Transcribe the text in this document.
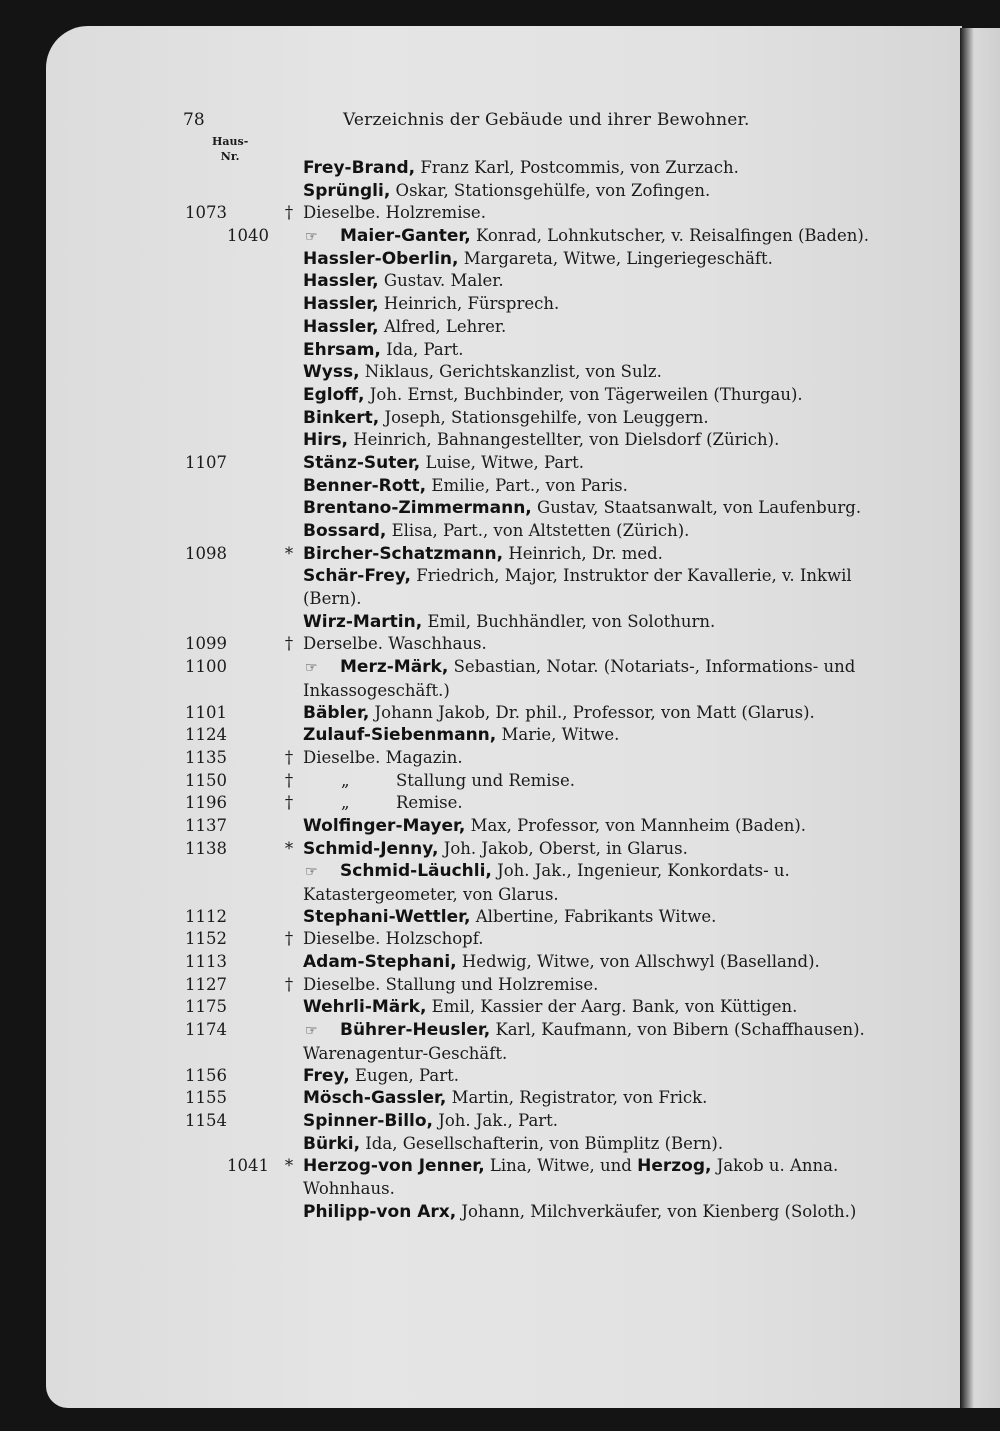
78	Verzeichnis der Gebäude und ihrer Bewohner.
Haus-
Nr.
Frey-Brand, Franz Karl, Postcommis, von Zurzach.
Sprüngli, Oskar, Stationsgehülfe, von Zofingen.
1073	† Dieselbe. Holzremise.
1040	☞ Maier-Ganter, Konrad, Lohnkutscher, v. Reisalfingen (Baden).
Hassler-Oberlin, Margareta, Witwe, Lingeriegeschäft.
Hassler, Gustav. Maler.
Hassler, Heinrich, Fürsprech.
Hassler, Alfred, Lehrer.
Ehrsam, Ida, Part.
Wyss, Niklaus, Gerichtskanzlist, von Sulz.
Egloff, Joh. Ernst, Buchbinder, von Tägerweilen (Thurgau).
Binkert, Joseph, Stationsgehilfe, von Leuggern.
Hirs, Heinrich, Bahnangestellter, von Dielsdorf (Zürich).
1107	Stänz-Suter, Luise, Witwe, Part.
Benner-Rott, Emilie, Part., von Paris.
Brentano-Zimmermann, Gustav, Staatsanwalt, von Laufenburg.
Bossard, Elisa, Part., von Altstetten (Zürich).
1098	* Bircher-Schatzmann, Heinrich, Dr. med.
Schär-Frey, Friedrich, Major, Instruktor der Kavallerie, v. Inkwil (Bern).
Wirz-Martin, Emil, Buchhändler, von Solothurn.
1099	† Derselbe. Waschhaus.
1100	☞ Merz-Märk, Sebastian, Notar. (Notariats-, Informations- und Inkassogeschäft.)
1101	Bäbler, Johann Jakob, Dr. phil., Professor, von Matt (Glarus).
1124	Zulauf-Siebenmann, Marie, Witwe.
1135	† Dieselbe. Magazin.
1150	†	„	Stallung und Remise.
1196	†	„	Remise.
1137	Wolfinger-Mayer, Max, Professor, von Mannheim (Baden).
1138	* Schmid-Jenny, Joh. Jakob, Oberst, in Glarus.
☞ Schmid-Läuchli, Joh. Jak., Ingenieur, Konkordats- u. Katastergeometer, von Glarus.
1112	Stephani-Wettler, Albertine, Fabrikants Witwe.
1152	† Dieselbe. Holzschopf.
1113	Adam-Stephani, Hedwig, Witwe, von Allschwyl (Baselland).
1127	† Dieselbe. Stallung und Holzremise.
1175	Wehrli-Märk, Emil, Kassier der Aarg. Bank, von Küttigen.
1174	☞ Bührer-Heusler, Karl, Kaufmann, von Bibern (Schaffhausen). Warenagentur-Geschäft.
1156	Frey, Eugen, Part.
1155	Mösch-Gassler, Martin, Registrator, von Frick.
1154	Spinner-Billo, Joh. Jak., Part.
Bürki, Ida, Gesellschafterin, von Bümplitz (Bern).
1041 * Herzog-von Jenner, Lina, Witwe, und Herzog, Jakob u. Anna. Wohnhaus.
Philipp-von Arx, Johann, Milchverkäufer, von Kienberg (Soloth.)
